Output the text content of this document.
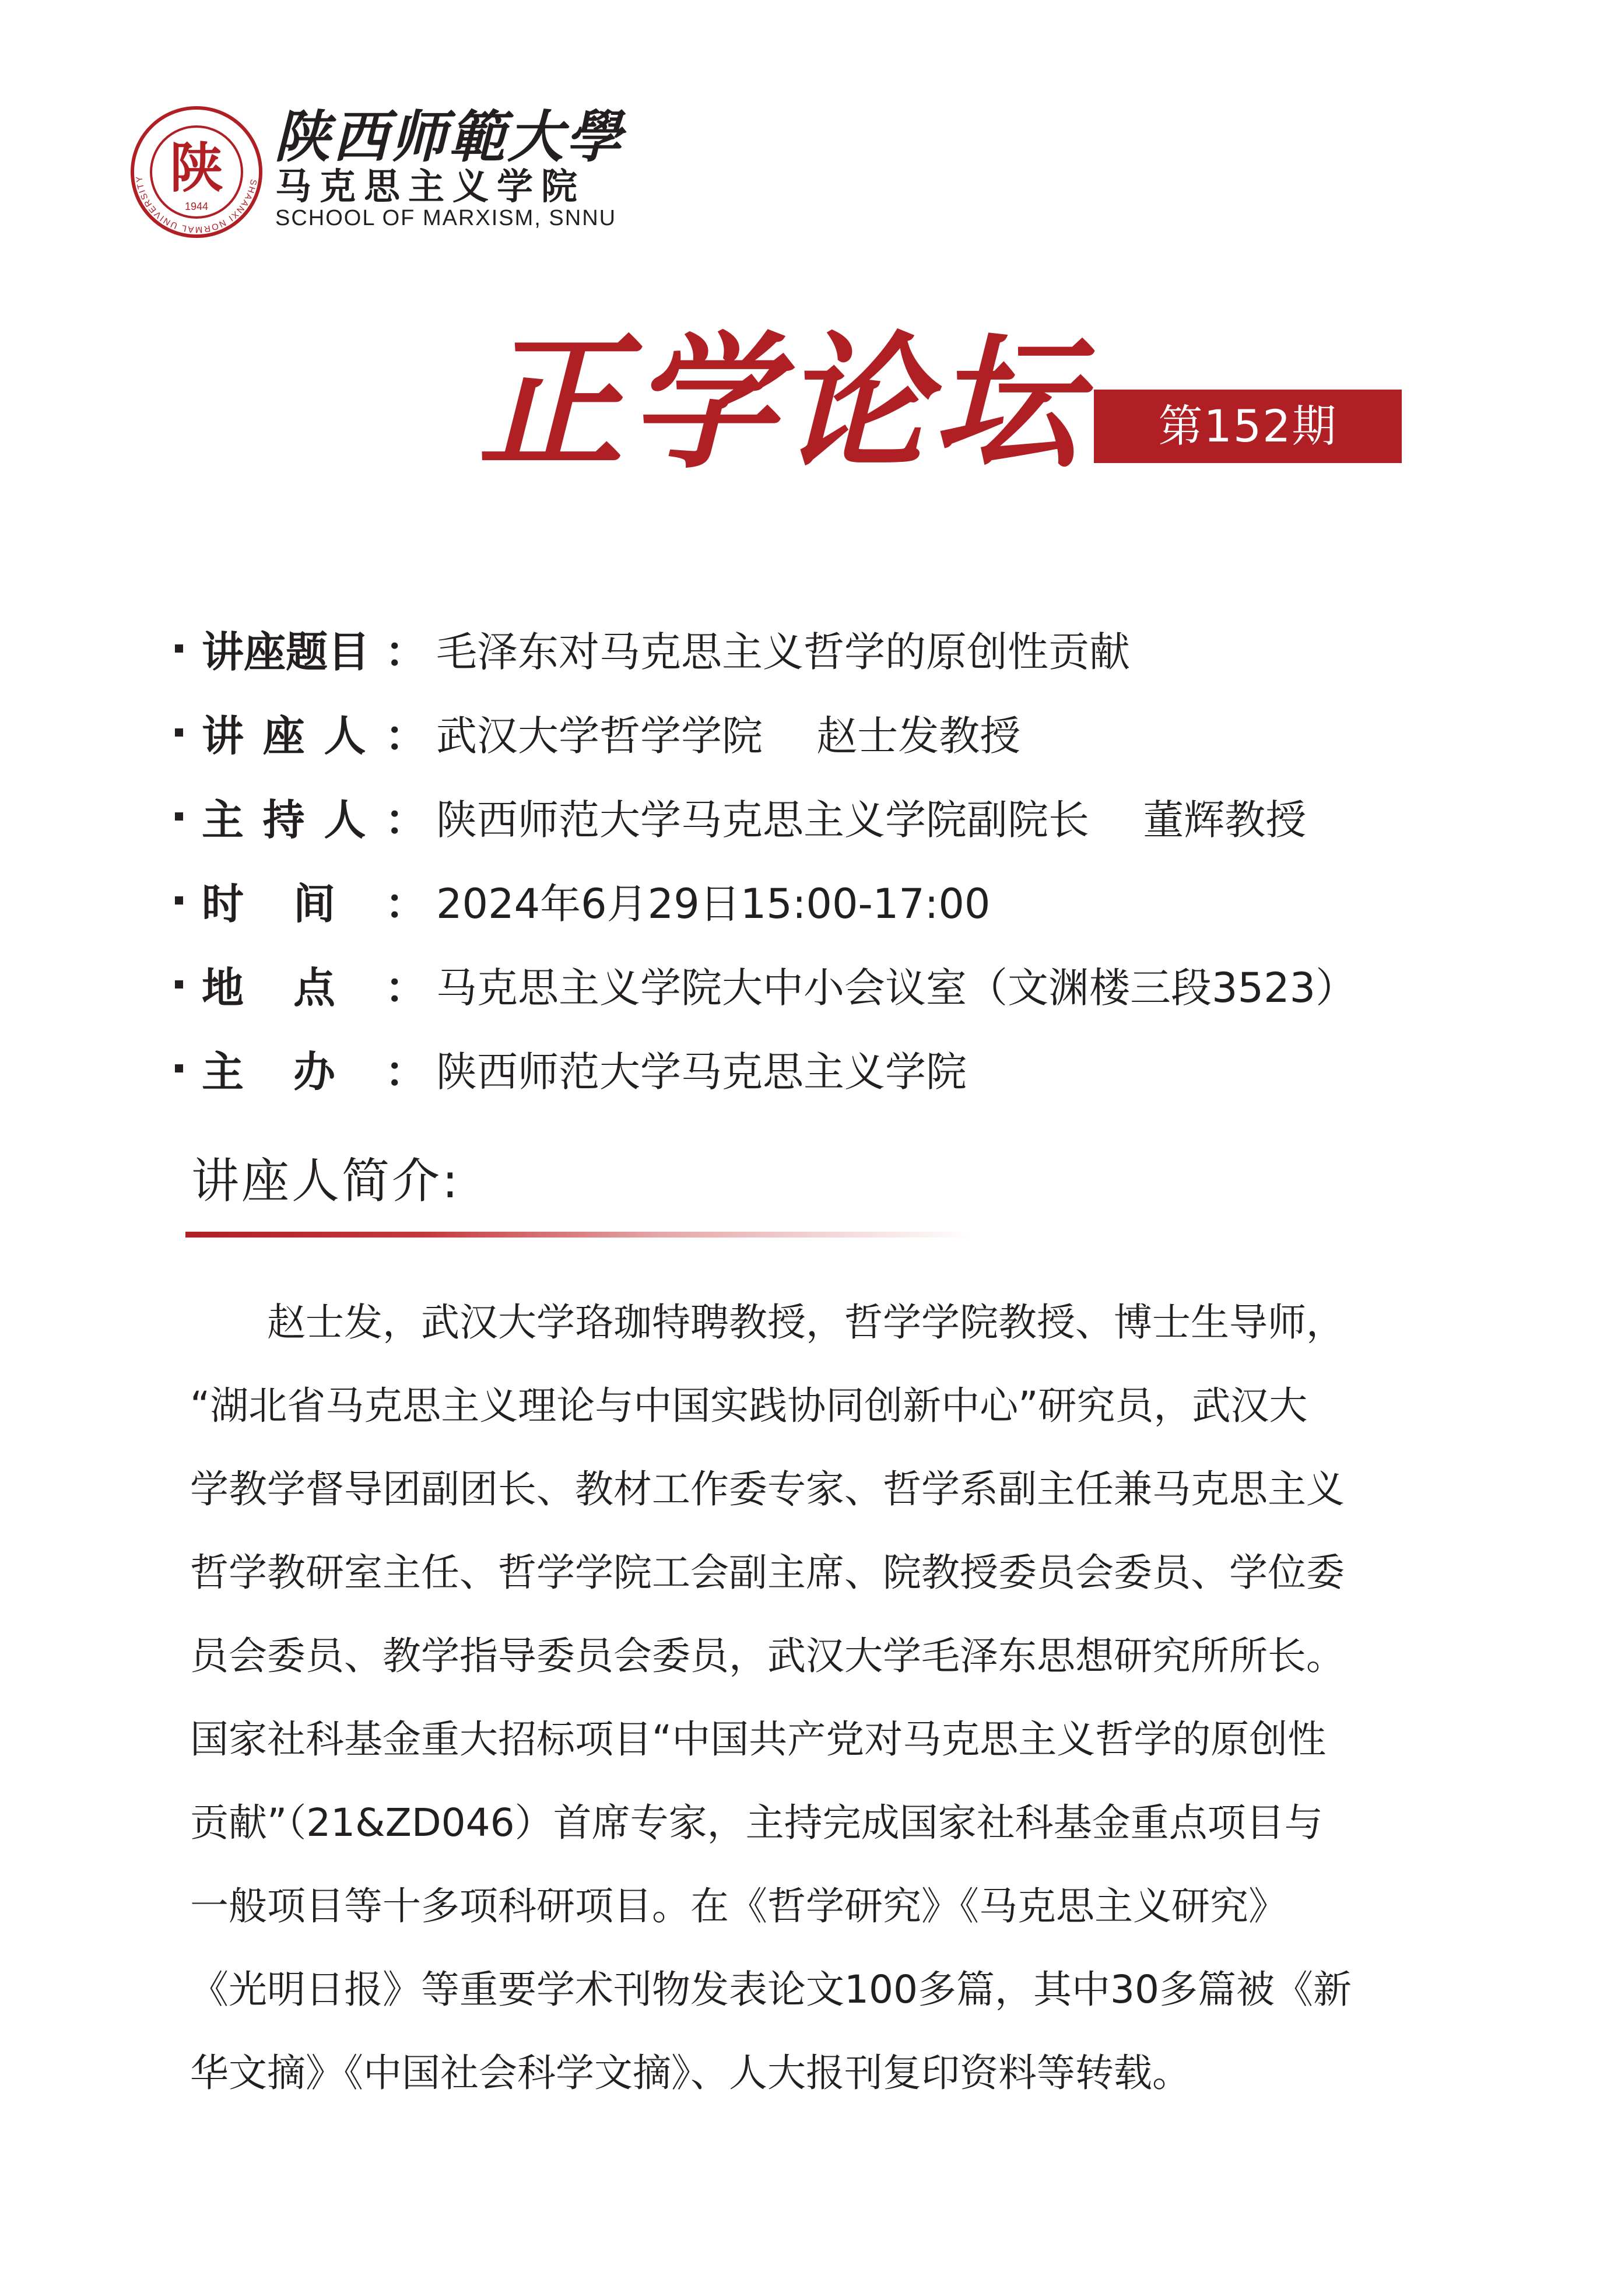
SHAANXI NORMAL UNIVERSITY 陕
1944
陕西师範大學
马克思主义学院
SCHOOL OF MARXISM, SNNU
正学论坛	第152期
讲座题目 ： 毛泽东对马克思主义哲学的原创性贡献
讲 座 人 ： 武汉大学哲学学院　 赵士发教授
主 持 人 ： 陕西师范大学马克思主义学院副院长　 董辉教授
时 间 ： 2024年6月29日15:00-17:00
地 点 ： 马克思主义学院大中小会议室（文渊楼三段3523）
主 办 ： 陕西师范大学马克思主义学院
讲座人简介:
　　赵士发，武汉大学珞珈特聘教授，哲学学院教授、博士生导师，
“湖北省马克思主义理论与中国实践协同创新中心”研究员，武汉大
学教学督导团副团长、教材工作委专家、哲学系副主任兼马克思主义
哲学教研室主任、哲学学院工会副主席、院教授委员会委员、学位委
员会委员、教学指导委员会委员，武汉大学毛泽东思想研究所所长。
国家社科基金重大招标项目“中国共产党对马克思主义哲学的原创性
贡献”（21&ZD046）首席专家，主持完成国家社科基金重点项目与
一般项目等十多项科研项目。在《哲学研究》《马克思主义研究》
《光明日报》等重要学术刊物发表论文100多篇，其中30多篇被《新
华文摘》《中国社会科学文摘》、人大报刊复印资料等转载。
